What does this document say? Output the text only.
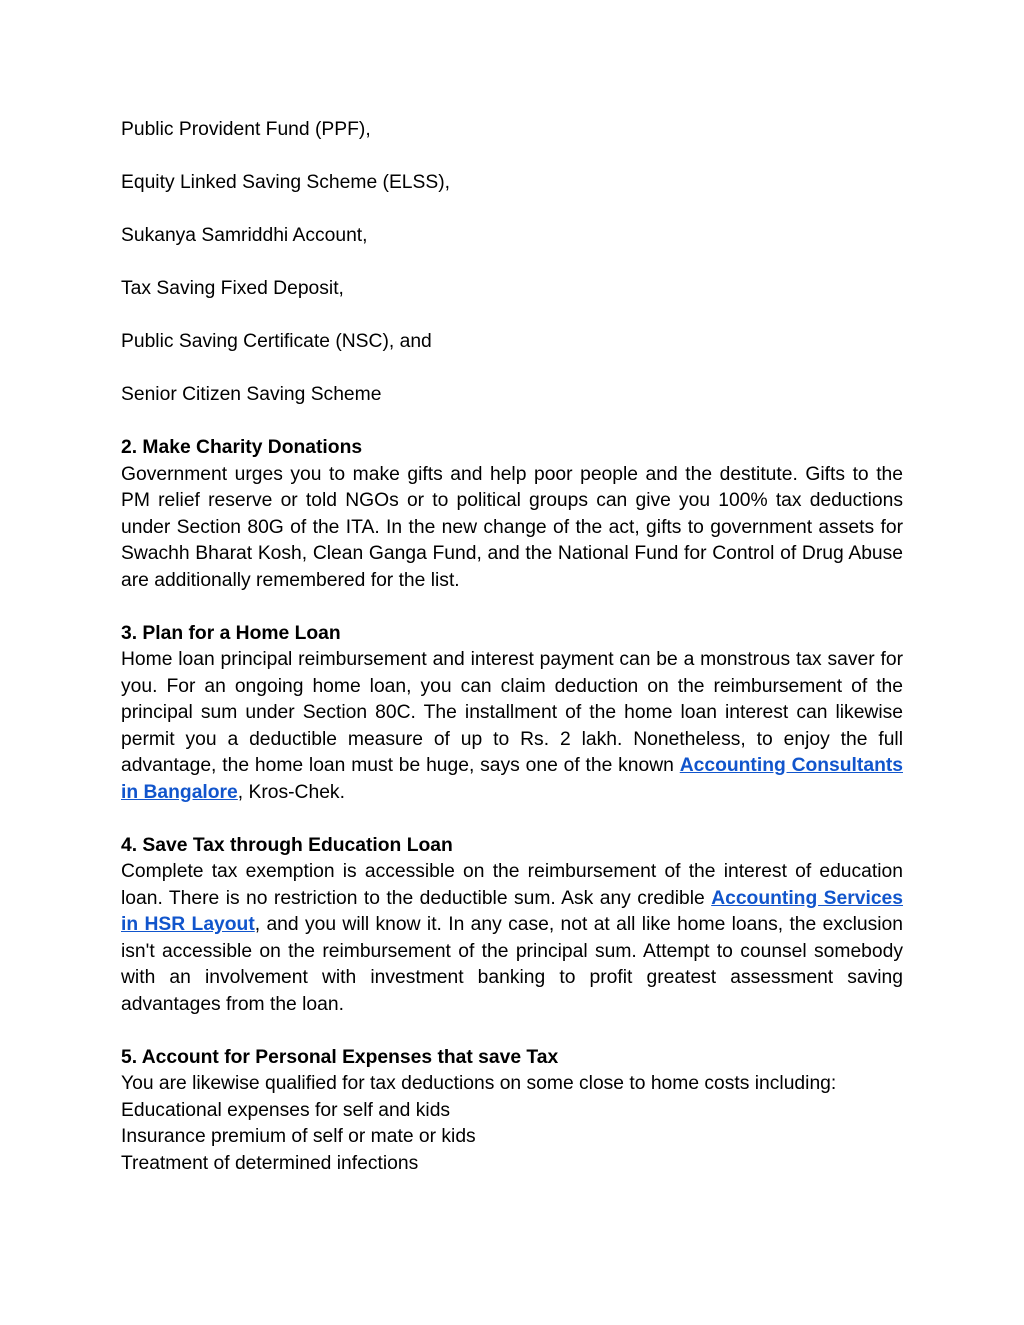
Public Provident Fund (PPF),
Equity Linked Saving Scheme (ELSS),
Sukanya Samriddhi Account,
Tax Saving Fixed Deposit,
Public Saving Certificate (NSC), and
Senior Citizen Saving Scheme
2. Make Charity Donations
Government urges you to make gifts and help poor people and the destitute. Gifts to the PM relief reserve or told NGOs or to political groups can give you 100% tax deductions under Section 80G of the ITA. In the new change of the act, gifts to government assets for Swachh Bharat Kosh, Clean Ganga Fund, and the National Fund for Control of Drug Abuse are additionally remembered for the list.
3. Plan for a Home Loan
Home loan principal reimbursement and interest payment can be a monstrous tax saver for you. For an ongoing home loan, you can claim deduction on the reimbursement of the principal sum under Section 80C. The installment of the home loan interest can likewise permit you a deductible measure of up to Rs. 2 lakh. Nonetheless, to enjoy the full advantage, the home loan must be huge, says one of the known Accounting Consultants in Bangalore, Kros-Chek.
4. Save Tax through Education Loan
Complete tax exemption is accessible on the reimbursement of the interest of education loan. There is no restriction to the deductible sum. Ask any credible Accounting Services in HSR Layout, and you will know it. In any case, not at all like home loans, the exclusion isn't accessible on the reimbursement of the principal sum. Attempt to counsel somebody with an involvement with investment banking to profit greatest assessment saving advantages from the loan.
5. Account for Personal Expenses that save Tax
You are likewise qualified for tax deductions on some close to home costs including:
Educational expenses for self and kids
Insurance premium of self or mate or kids
Treatment of determined infections
